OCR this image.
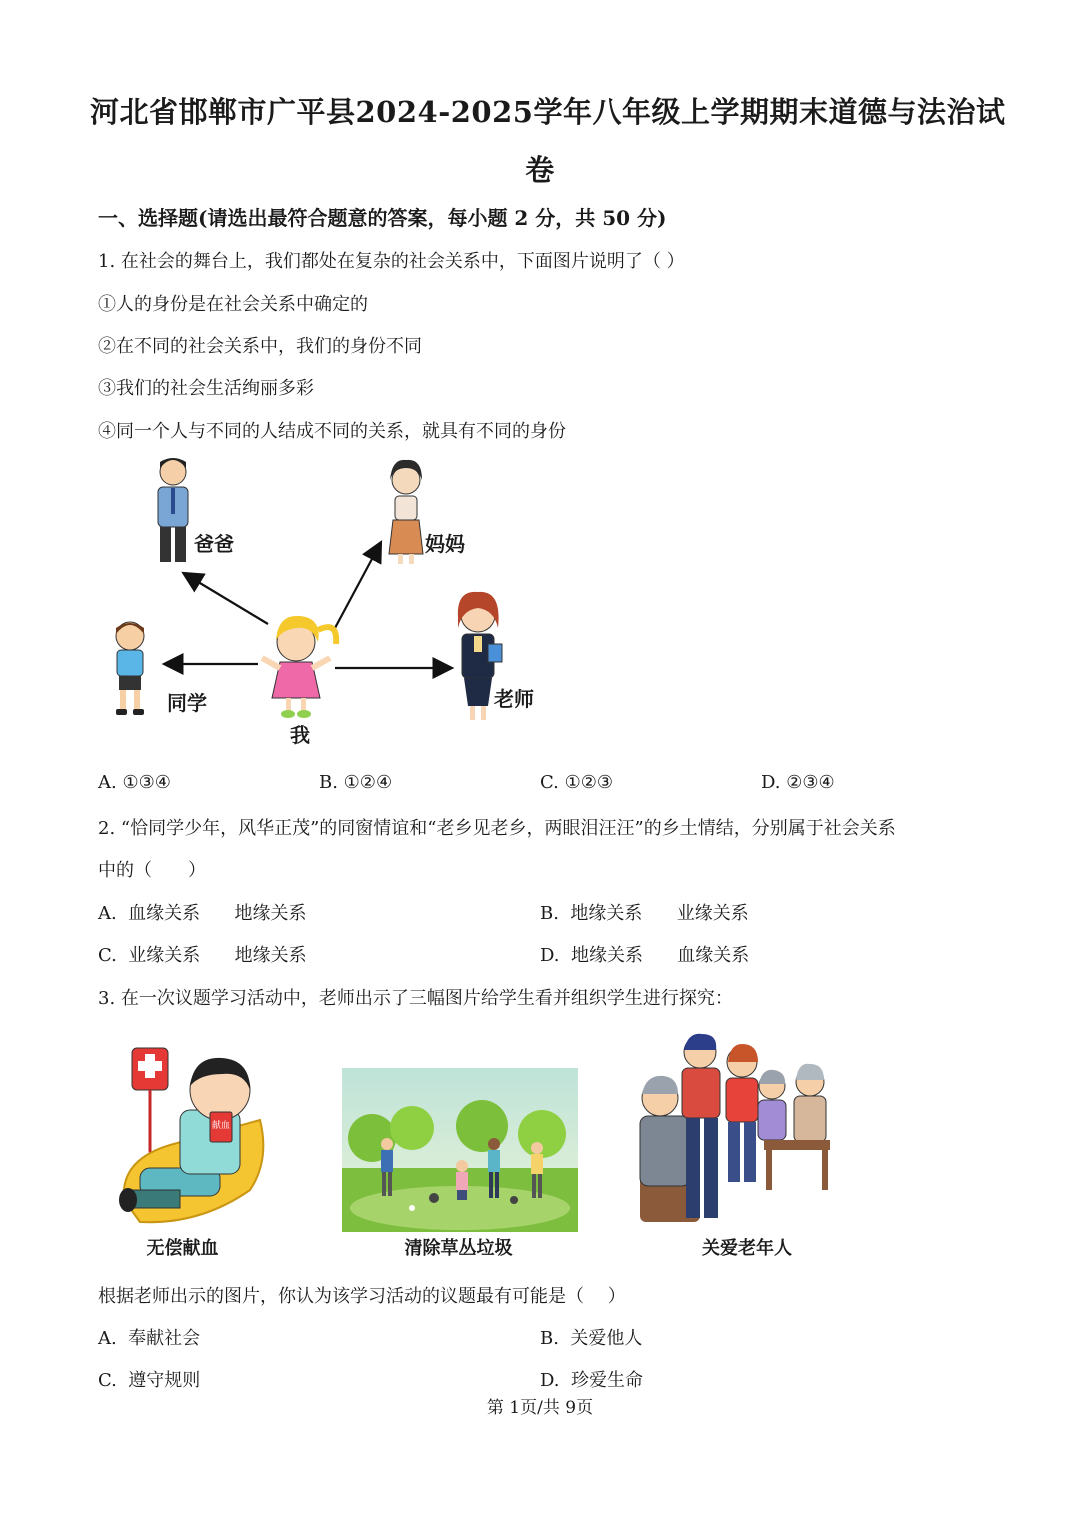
河北省邯郸市广平县2024-2025学年八年级上学期期末道德与法治试
卷
一、选择题(请选出最符合题意的答案，每小题 2 分，共 50 分)
1. 在社会的舞台上，我们都处在复杂的社会关系中，下面图片说明了（ ）
①人的身份是在社会关系中确定的
②在不同的社会关系中，我们的身份不同
③我们的社会生活绚丽多彩
④同一个人与不同的人结成不同的关系，就具有不同的身份
爸爸	妈妈
同学
我
老师
A. ①③④	B. ①②④	C. ①②③	D. ②③④
2. “恰同学少年，风华正茂”的同窗情谊和“老乡见老乡，两眼泪汪汪”的乡土情结，分别属于社会关系
中的（　　）
A.  血缘关系      地缘关系	B.  地缘关系      业缘关系
C.  业缘关系      地缘关系	D.  地缘关系      血缘关系
3. 在一次议题学习活动中，老师出示了三幅图片给学生看并组织学生进行探究：
献血
无偿献血	清除草丛垃圾	关爱老年人
根据老师出示的图片，你认为该学习活动的议题最有可能是（　 ）
A.  奉献社会	B.  关爱他人
C.  遵守规则	D.  珍爱生命
第 1页/共 9页
